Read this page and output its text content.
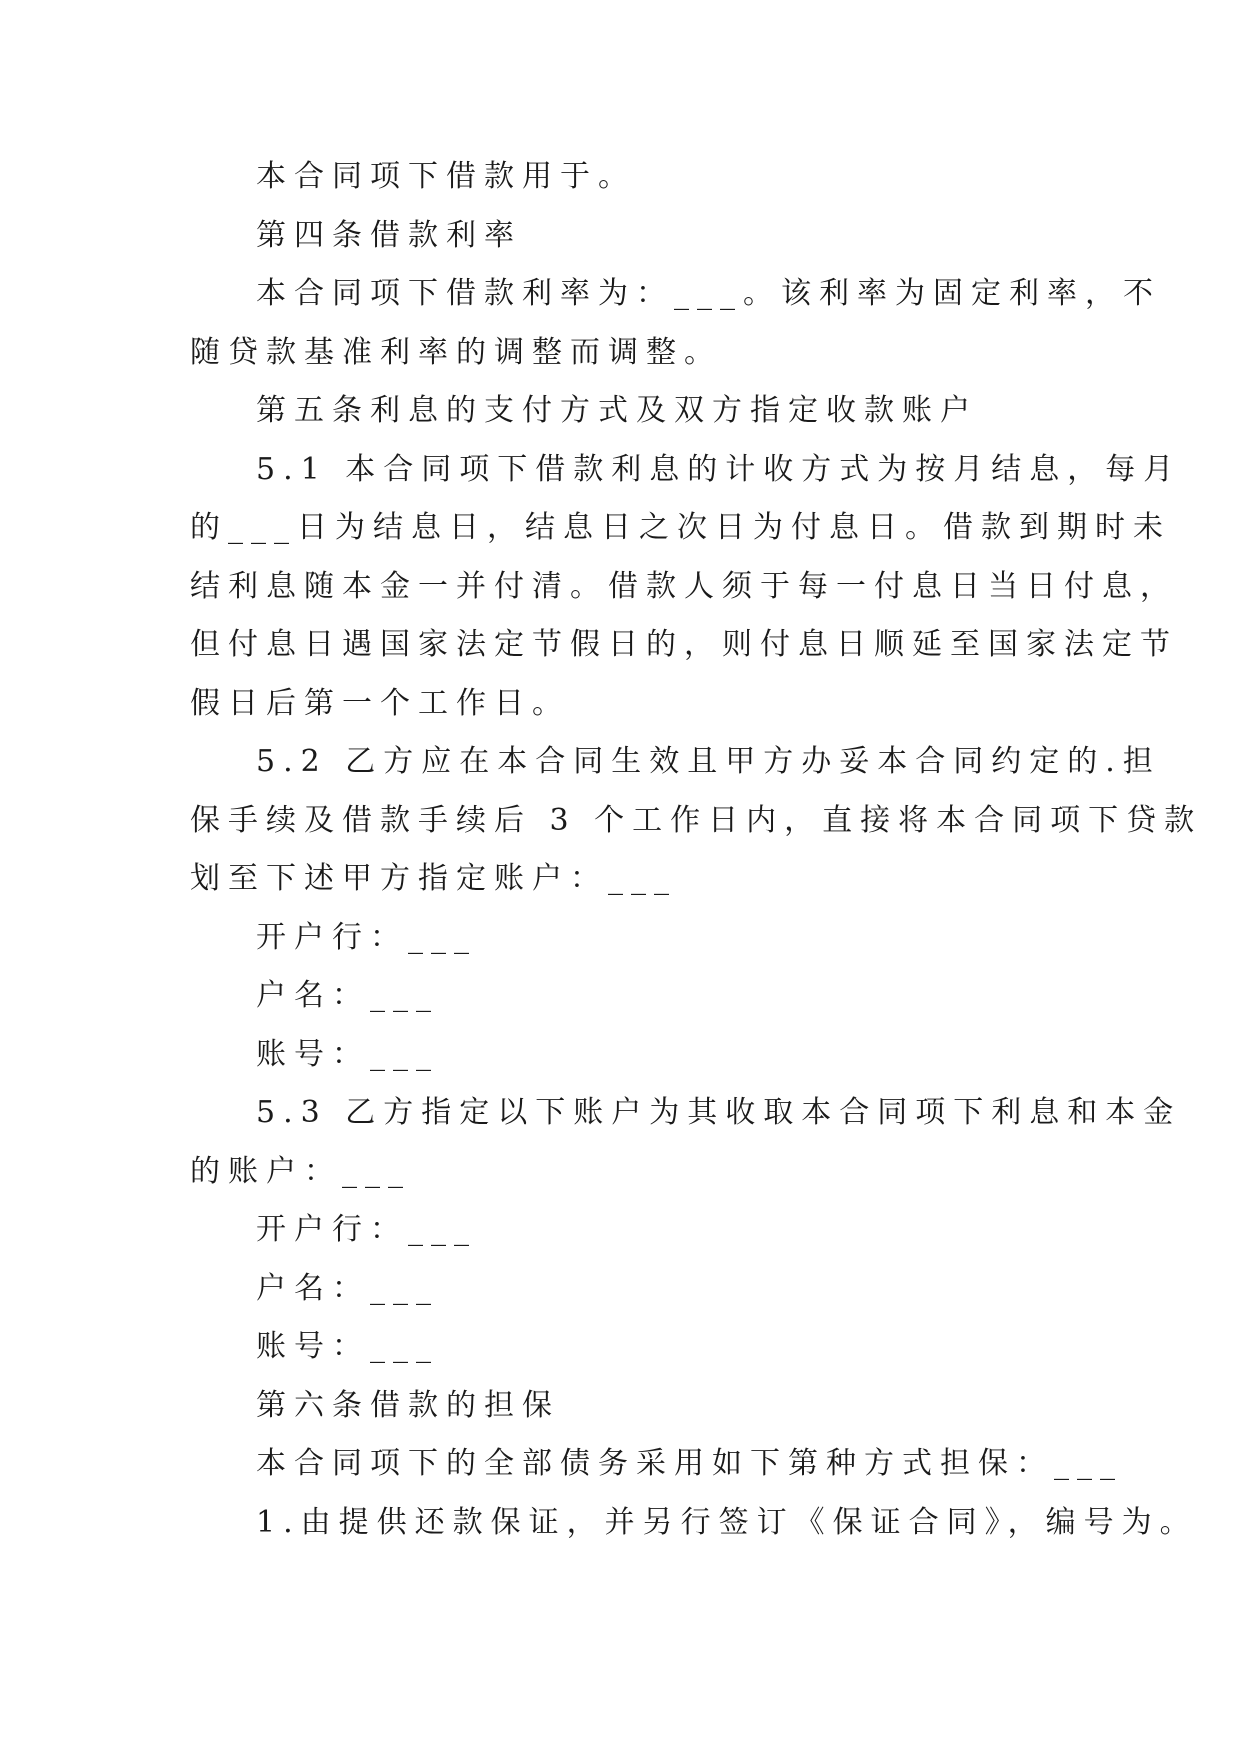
本合同项下借款用于。
第四条借款利率
本合同项下借款利率为：___。该利率为固定利率，不
随贷款基准利率的调整而调整。
第五条利息的支付方式及双方指定收款账户
5.1 本合同项下借款利息的计收方式为按月结息，每月
的___日为结息日，结息日之次日为付息日。借款到期时未
结利息随本金一并付清。借款人须于每一付息日当日付息，
但付息日遇国家法定节假日的，则付息日顺延至国家法定节
假日后第一个工作日。
5.2 乙方应在本合同生效且甲方办妥本合同约定的.担
保手续及借款手续后 3 个工作日内，直接将本合同项下贷款
划至下述甲方指定账户：___
开户行：___
户名：___
账号：___
5.3 乙方指定以下账户为其收取本合同项下利息和本金
的账户：___
开户行：___
户名：___
账号：___
第六条借款的担保
本合同项下的全部债务采用如下第种方式担保：___
1.由提供还款保证，并另行签订《保证合同》，编号为。
